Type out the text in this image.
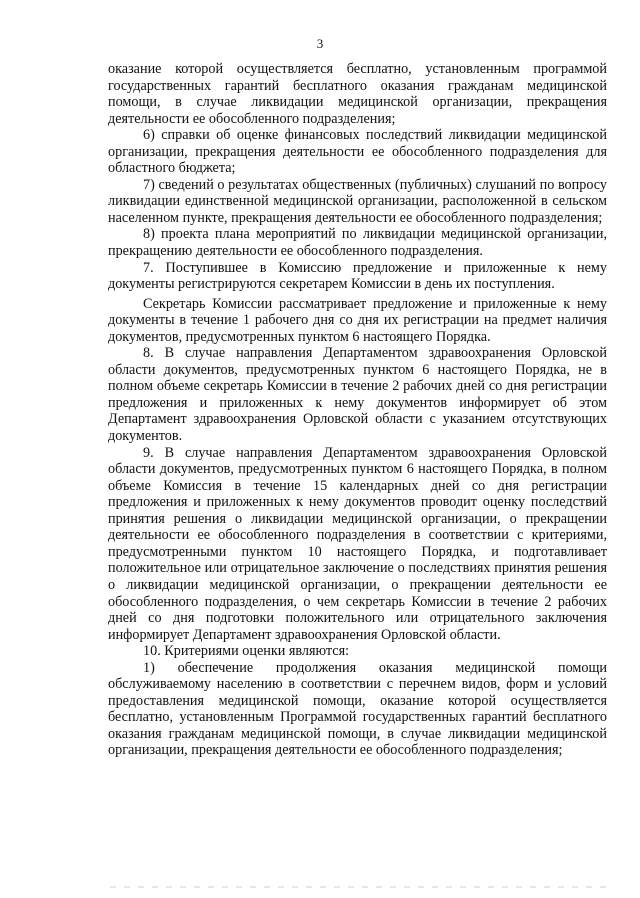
3

оказание которой осуществляется бесплатно, установленным программой государственных гарантий бесплатного оказания гражданам медицинской помощи, в случае ликвидации медицинской организации, прекращения деятельности ее обособленного подразделения;

6) справки об оценке финансовых последствий ликвидации медицинской организации, прекращения деятельности ее обособленного подразделения для областного бюджета;

7) сведений о результатах общественных (публичных) слушаний по вопросу ликвидации единственной медицинской организации, расположенной в сельском населенном пункте, прекращения деятельности ее обособленного подразделения;

8) проекта плана мероприятий по ликвидации медицинской организации, прекращению деятельности ее обособленного подразделения.

7. Поступившее в Комиссию предложение и приложенные к нему документы регистрируются секретарем Комиссии в день их поступления.

Секретарь Комиссии рассматривает предложение и приложенные к нему документы в течение 1 рабочего дня со дня их регистрации на предмет наличия документов, предусмотренных пунктом 6 настоящего Порядка.

8. В случае направления Департаментом здравоохранения Орловской области документов, предусмотренных пунктом 6 настоящего Порядка, не в полном объеме секретарь Комиссии в течение 2 рабочих дней со дня регистрации предложения и приложенных к нему документов информирует об этом Департамент здравоохранения Орловской области с указанием отсутствующих документов.

9. В случае направления Департаментом здравоохранения Орловской области документов, предусмотренных пунктом 6 настоящего Порядка, в полном объеме Комиссия в течение 15 календарных дней со дня регистрации предложения и приложенных к нему документов проводит оценку последствий принятия решения о ликвидации медицинской организации, о прекращении деятельности ее обособленного подразделения в соответствии с критериями, предусмотренными пунктом 10 настоящего Порядка, и подготавливает положительное или отрицательное заключение о последствиях принятия решения о ликвидации медицинской организации, о прекращении деятельности ее обособленного подразделения, о чем секретарь Комиссии в течение 2 рабочих дней со дня подготовки положительного или отрицательного заключения информирует Департамент здравоохранения Орловской области.

10. Критериями оценки являются:

1) обеспечение продолжения оказания медицинской помощи обслуживаемому населению в соответствии с перечнем видов, форм и условий предоставления медицинской помощи, оказание которой осуществляется бесплатно, установленным Программой государственных гарантий бесплатного оказания гражданам медицинской помощи, в случае ликвидации медицинской организации, прекращения деятельности ее обособленного подразделения;
